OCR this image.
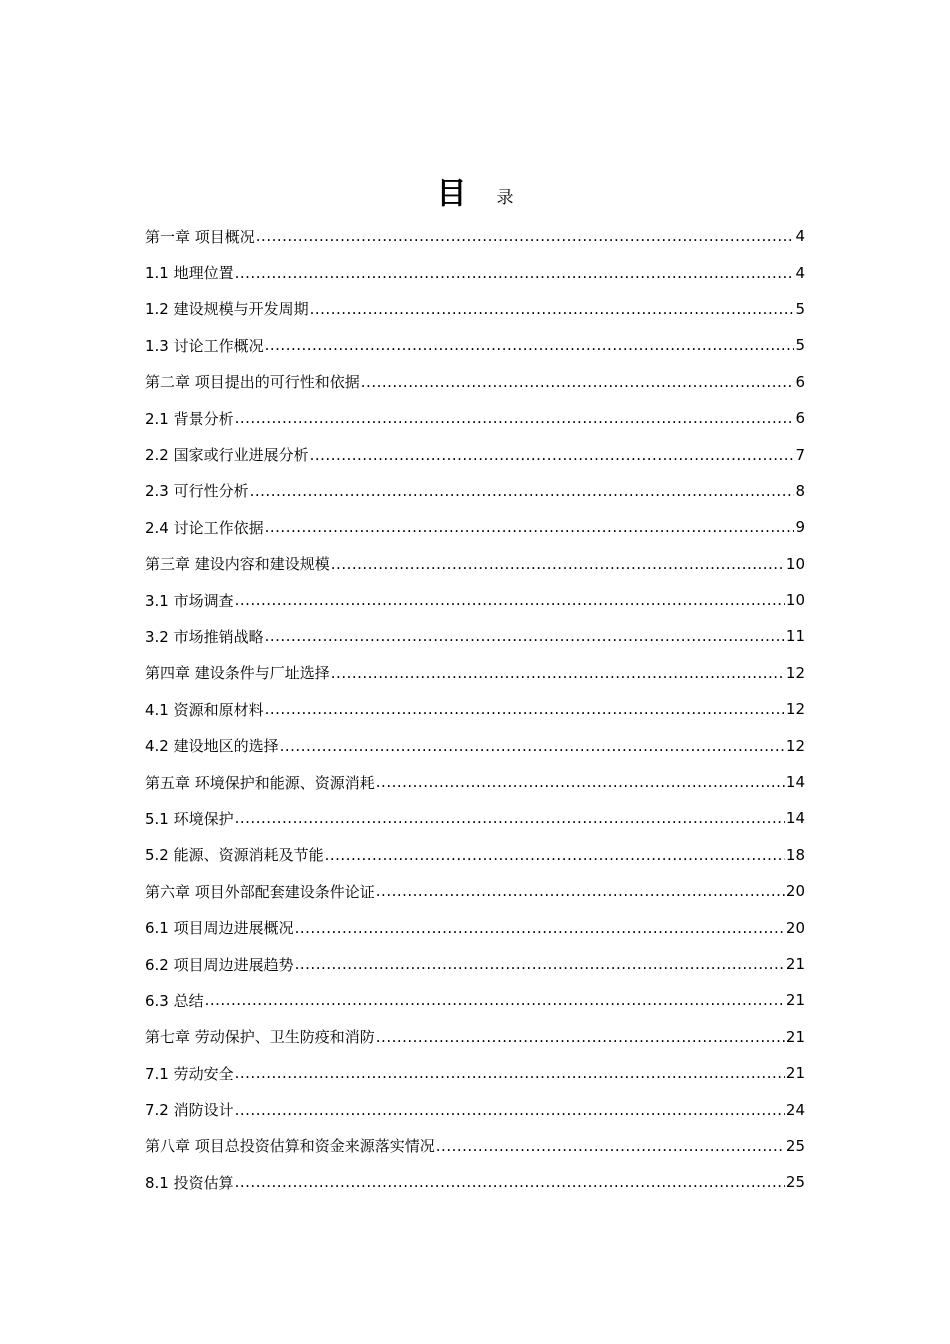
目 录
第一章 项目概况 .....	4
1.1 地理位置 .....	4
1.2 建设规模与开发周期 .....	5
1.3 讨论工作概况 .....	5
第二章 项目提出的可行性和依据 .....	6
2.1 背景分析 .....	6
2.2 国家或行业进展分析 .....	7
2.3 可行性分析 .....	8
2.4 讨论工作依据 .....	9
第三章 建设内容和建设规模 .....	10
3.1 市场调查 .....	10
3.2 市场推销战略 .....	11
第四章 建设条件与厂址选择 .....	12
4.1 资源和原材料 .....	12
4.2 建设地区的选择 .....	12
第五章 环境保护和能源、资源消耗 .....	14
5.1 环境保护 .....	14
5.2 能源、资源消耗及节能 .....	18
第六章 项目外部配套建设条件论证 .....	20
6.1 项目周边进展概况 .....	20
6.2 项目周边进展趋势 .....	21
6.3 总结 .....	21
第七章 劳动保护、卫生防疫和消防 .....	21
7.1 劳动安全 .....	21
7.2 消防设计 .....	24
第八章 项目总投资估算和资金来源落实情况 .....	25
8.1 投资估算 .....	25
